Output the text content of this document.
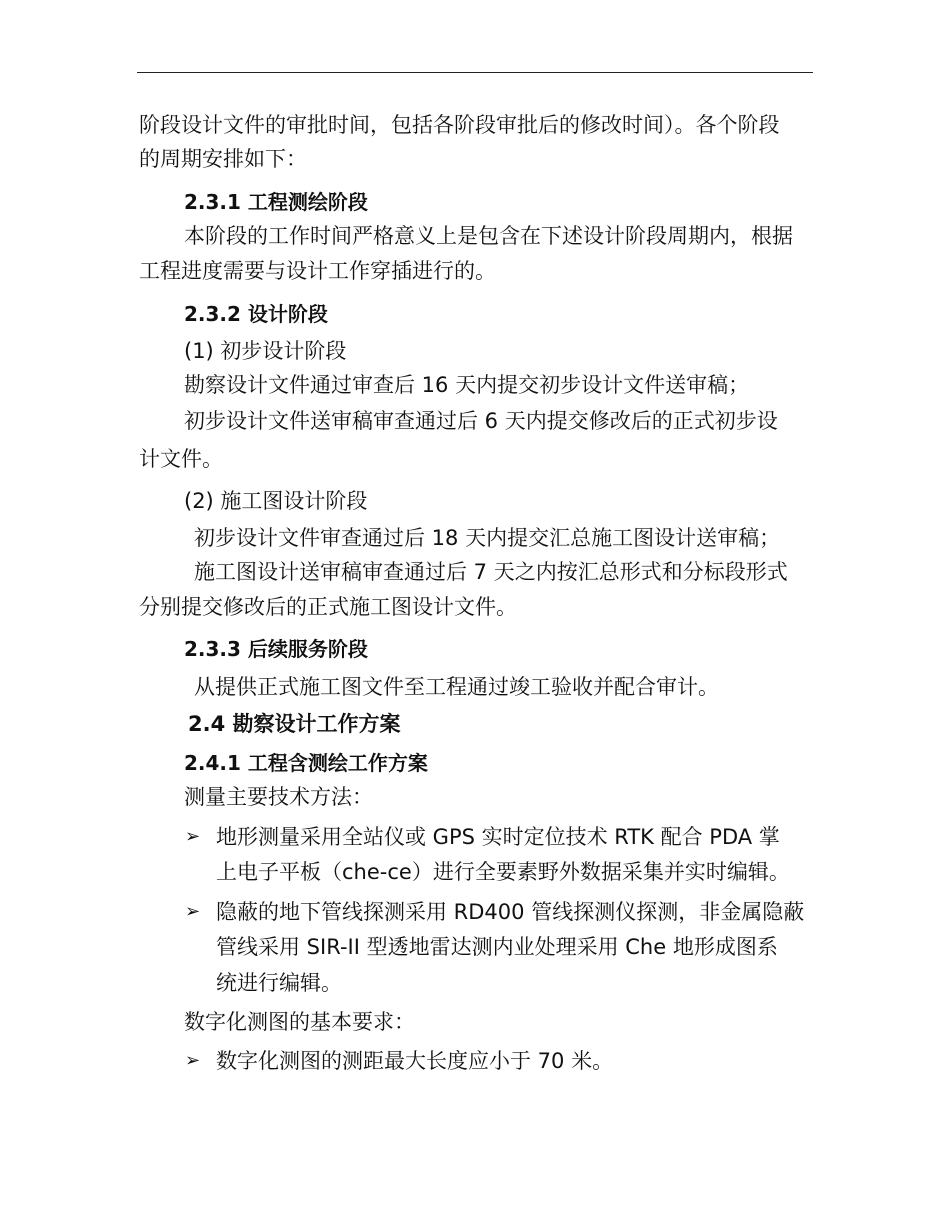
阶段设计文件的审批时间，包括各阶段审批后的修改时间）。各个阶段
的周期安排如下：
2.3.1 工程测绘阶段
本阶段的工作时间严格意义上是包含在下述设计阶段周期内，根据
工程进度需要与设计工作穿插进行的。
2.3.2 设计阶段
(1) 初步设计阶段
勘察设计文件通过审查后 16 天内提交初步设计文件送审稿；
初步设计文件送审稿审查通过后 6 天内提交修改后的正式初步设
计文件。
(2) 施工图设计阶段
初步设计文件审查通过后 18 天内提交汇总施工图设计送审稿；
施工图设计送审稿审查通过后 7 天之内按汇总形式和分标段形式
分别提交修改后的正式施工图设计文件。
2.3.3 后续服务阶段
从提供正式施工图文件至工程通过竣工验收并配合审计。
2.4 勘察设计工作方案
2.4.1 工程含测绘工作方案
测量主要技术方法：
➢ 地形测量采用全站仪或 GPS 实时定位技术 RTK 配合 PDA 掌
上电子平板（che-ce）进行全要素野外数据采集并实时编辑。
➢ 隐蔽的地下管线探测采用 RD400 管线探测仪探测，非金属隐蔽
管线采用 SIR-II 型透地雷达测内业处理采用 Che 地形成图系
统进行编辑。
数字化测图的基本要求：
➢ 数字化测图的测距最大长度应小于 70 米。
